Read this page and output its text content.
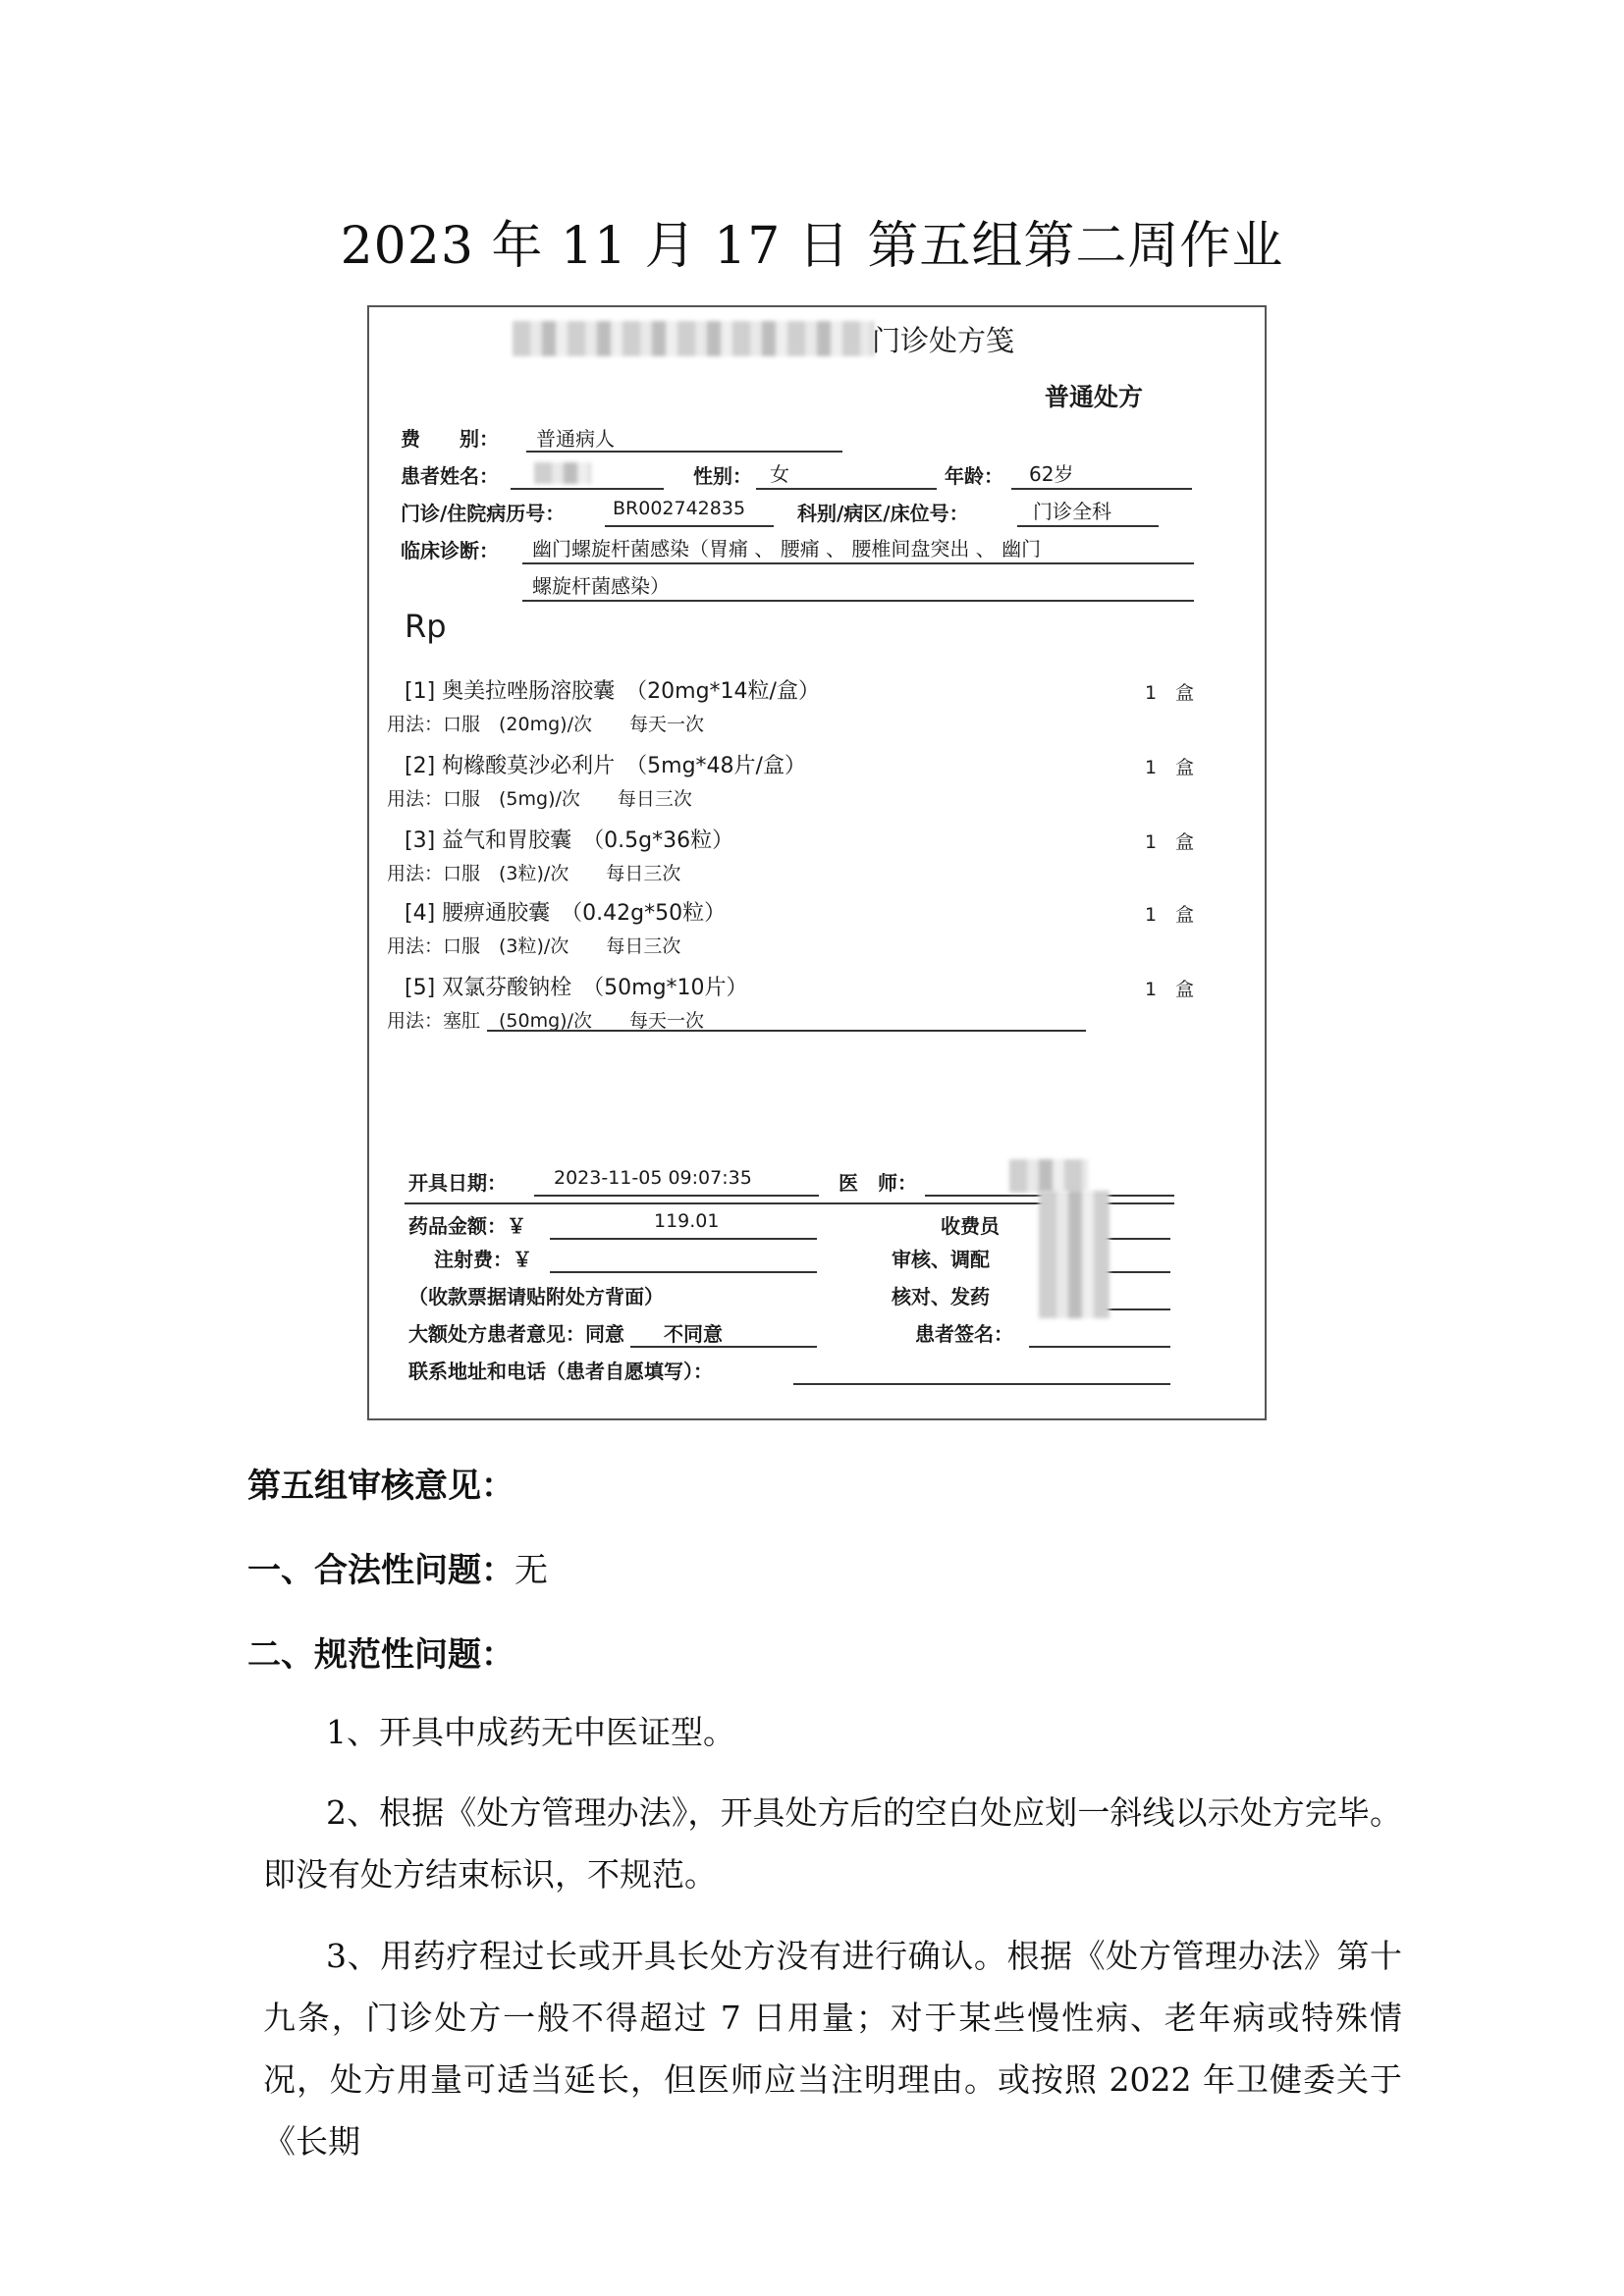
2023 年 11 月 17 日 第五组第二周作业
门诊处方笺
普通处方
费　　别： 普通病人
患者姓名：	性别： 女	年龄： 62岁
门诊/住院病历号：	BR002742835	科别/病区/床位号：	门诊全科
临床诊断： 幽门螺旋杆菌感染（胃痛 、 腰痛 、 腰椎间盘突出 、 幽门
螺旋杆菌感染）
Rp
[1] 奥美拉唑肠溶胶囊　（20mg*14粒/盒）	1　盒
用法：口服　(20mg)/次　　每天一次
[2] 枸橼酸莫沙必利片　（5mg*48片/盒）	1　盒
用法：口服　(5mg)/次　　每日三次
[3] 益气和胃胶囊　（0.5g*36粒）	1　盒
用法：口服　(3粒)/次　　每日三次
[4] 腰痹通胶囊　（0.42g*50粒）	1　盒
用法：口服　(3粒)/次　　每日三次
[5] 双氯芬酸钠栓　（50mg*10片）	1　盒
用法：塞肛　(50mg)/次　　每天一次
开具日期：	2023-11-05 09:07:35	医　师：
药品金额：￥	119.01	收费员
注射费：￥	审核、调配
（收款票据请贴附处方背面）	核对、发药
大额处方患者意见：同意　　不同意	患者签名：
联系地址和电话（患者自愿填写）：
第五组审核意见：
一、合法性问题：无
二、规范性问题：
1、开具中成药无中医证型。
2、根据《处方管理办法》，开具处方后的空白处应划一斜线以示处方完毕。即没有处方结束标识，不规范。
3、用药疗程过长或开具长处方没有进行确认。根据《处方管理办法》第十九条，门诊处方一般不得超过 7 日用量；对于某些慢性病、老年病或特殊情况，处方用量可适当延长，但医师应当注明理由。或按照 2022 年卫健委关于《长期
